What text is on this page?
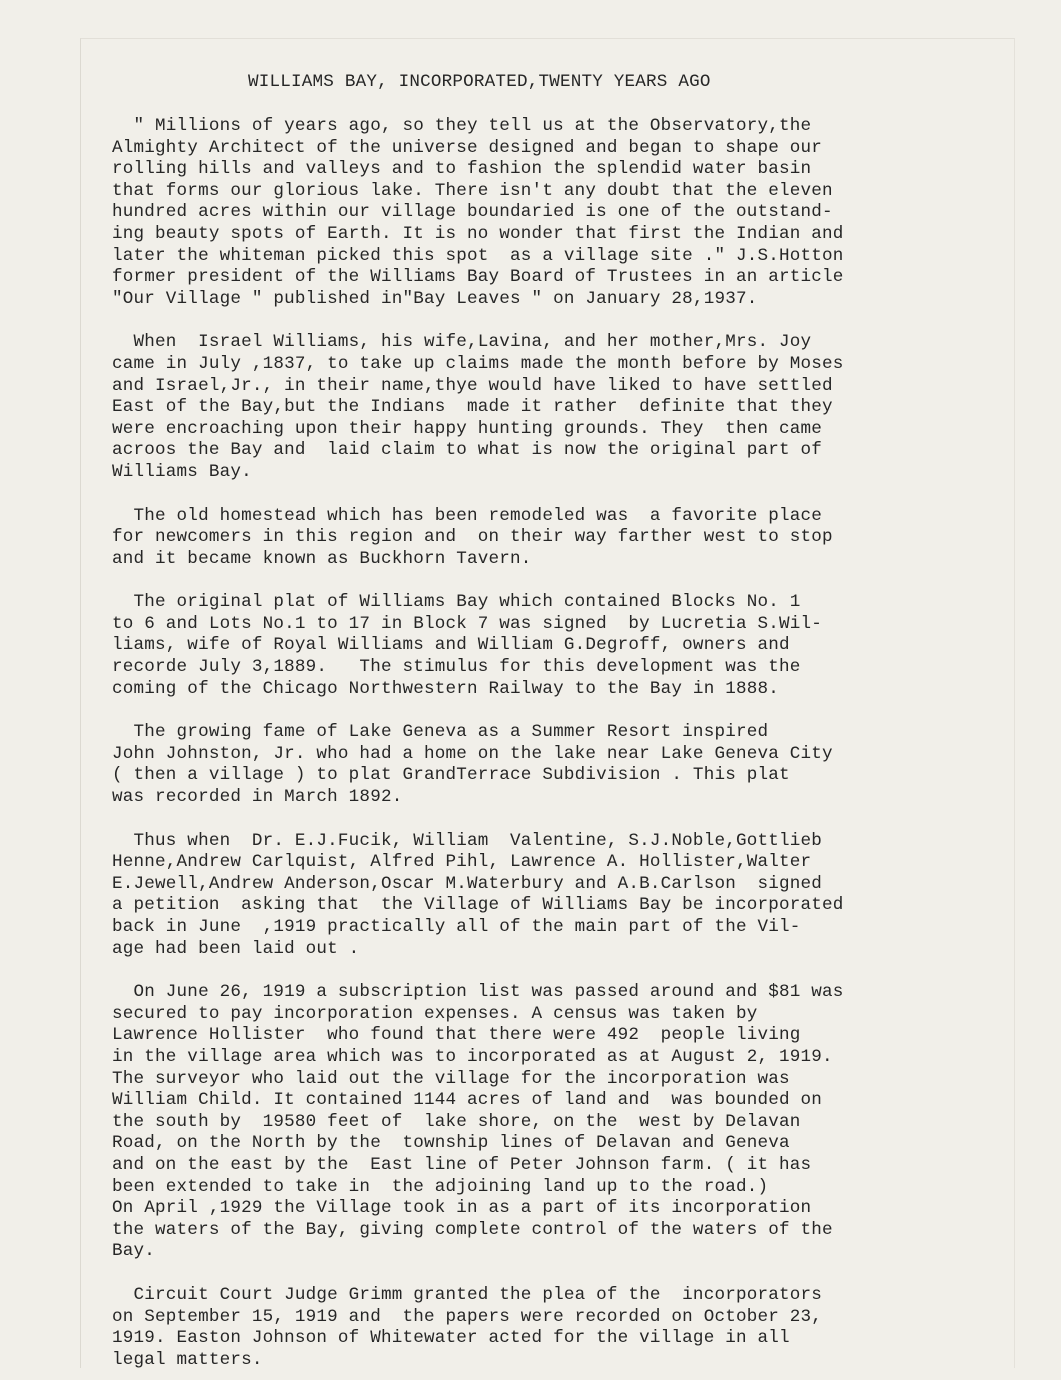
WILLIAMS BAY, INCORPORATED,TWENTY YEARS AGO

" Millions of years ago, so they tell us at the Observatory,the
Almighty Architect of the universe designed and began to shape our
rolling hills and valleys and to fashion the splendid water basin
that forms our glorious lake. There isn't any doubt that the eleven
hundred acres within our village boundaried is one of the outstand-
ing beauty spots of Earth. It is no wonder that first the Indian and
later the whiteman picked this spot  as a village site ." J.S.Hotton
former president of the Williams Bay Board of Trustees in an article
"Our Village " published in"Bay Leaves " on January 28,1937.

When  Israel Williams, his wife,Lavina, and her mother,Mrs. Joy
came in July ,1837, to take up claims made the month before by Moses
and Israel,Jr., in their name,thye would have liked to have settled
East of the Bay,but the Indians  made it rather  definite that they
were encroaching upon their happy hunting grounds. They  then came
acroos the Bay and  laid claim to what is now the original part of
Williams Bay.

The old homestead which has been remodeled was  a favorite place
for newcomers in this region and  on their way farther west to stop
and it became known as Buckhorn Tavern.

The original plat of Williams Bay which contained Blocks No. 1
to 6 and Lots No.1 to 17 in Block 7 was signed  by Lucretia S.Wil-
liams, wife of Royal Williams and William G.Degroff, owners and
recorde July 3,1889.   The stimulus for this development was the
coming of the Chicago Northwestern Railway to the Bay in 1888.

The growing fame of Lake Geneva as a Summer Resort inspired
John Johnston, Jr. who had a home on the lake near Lake Geneva City
( then a village ) to plat GrandTerrace Subdivision . This plat
was recorded in March 1892.

Thus when  Dr. E.J.Fucik, William  Valentine, S.J.Noble,Gottlieb
Henne,Andrew Carlquist, Alfred Pihl, Lawrence A. Hollister,Walter
E.Jewell,Andrew Anderson,Oscar M.Waterbury and A.B.Carlson  signed
a petition  asking that  the Village of Williams Bay be incorporated
back in June  ,1919 practically all of the main part of the Vil-
age had been laid out .

On June 26, 1919 a subscription list was passed around and $81 was
secured to pay incorporation expenses. A census was taken by
Lawrence Hollister  who found that there were 492  people living
in the village area which was to incorporated as at August 2, 1919.
The surveyor who laid out the village for the incorporation was
William Child. It contained 1144 acres of land and  was bounded on
the south by  19580 feet of  lake shore, on the  west by Delavan
Road, on the North by the  township lines of Delavan and Geneva
and on the east by the  East line of Peter Johnson farm. ( it has
been extended to take in  the adjoining land up to the road.)
On April ,1929 the Village took in as a part of its incorporation
the waters of the Bay, giving complete control of the waters of the
Bay.

Circuit Court Judge Grimm granted the plea of the  incorporators
on September 15, 1919 and  the papers were recorded on October 23,
1919. Easton Johnson of Whitewater acted for the village in all
legal matters.
